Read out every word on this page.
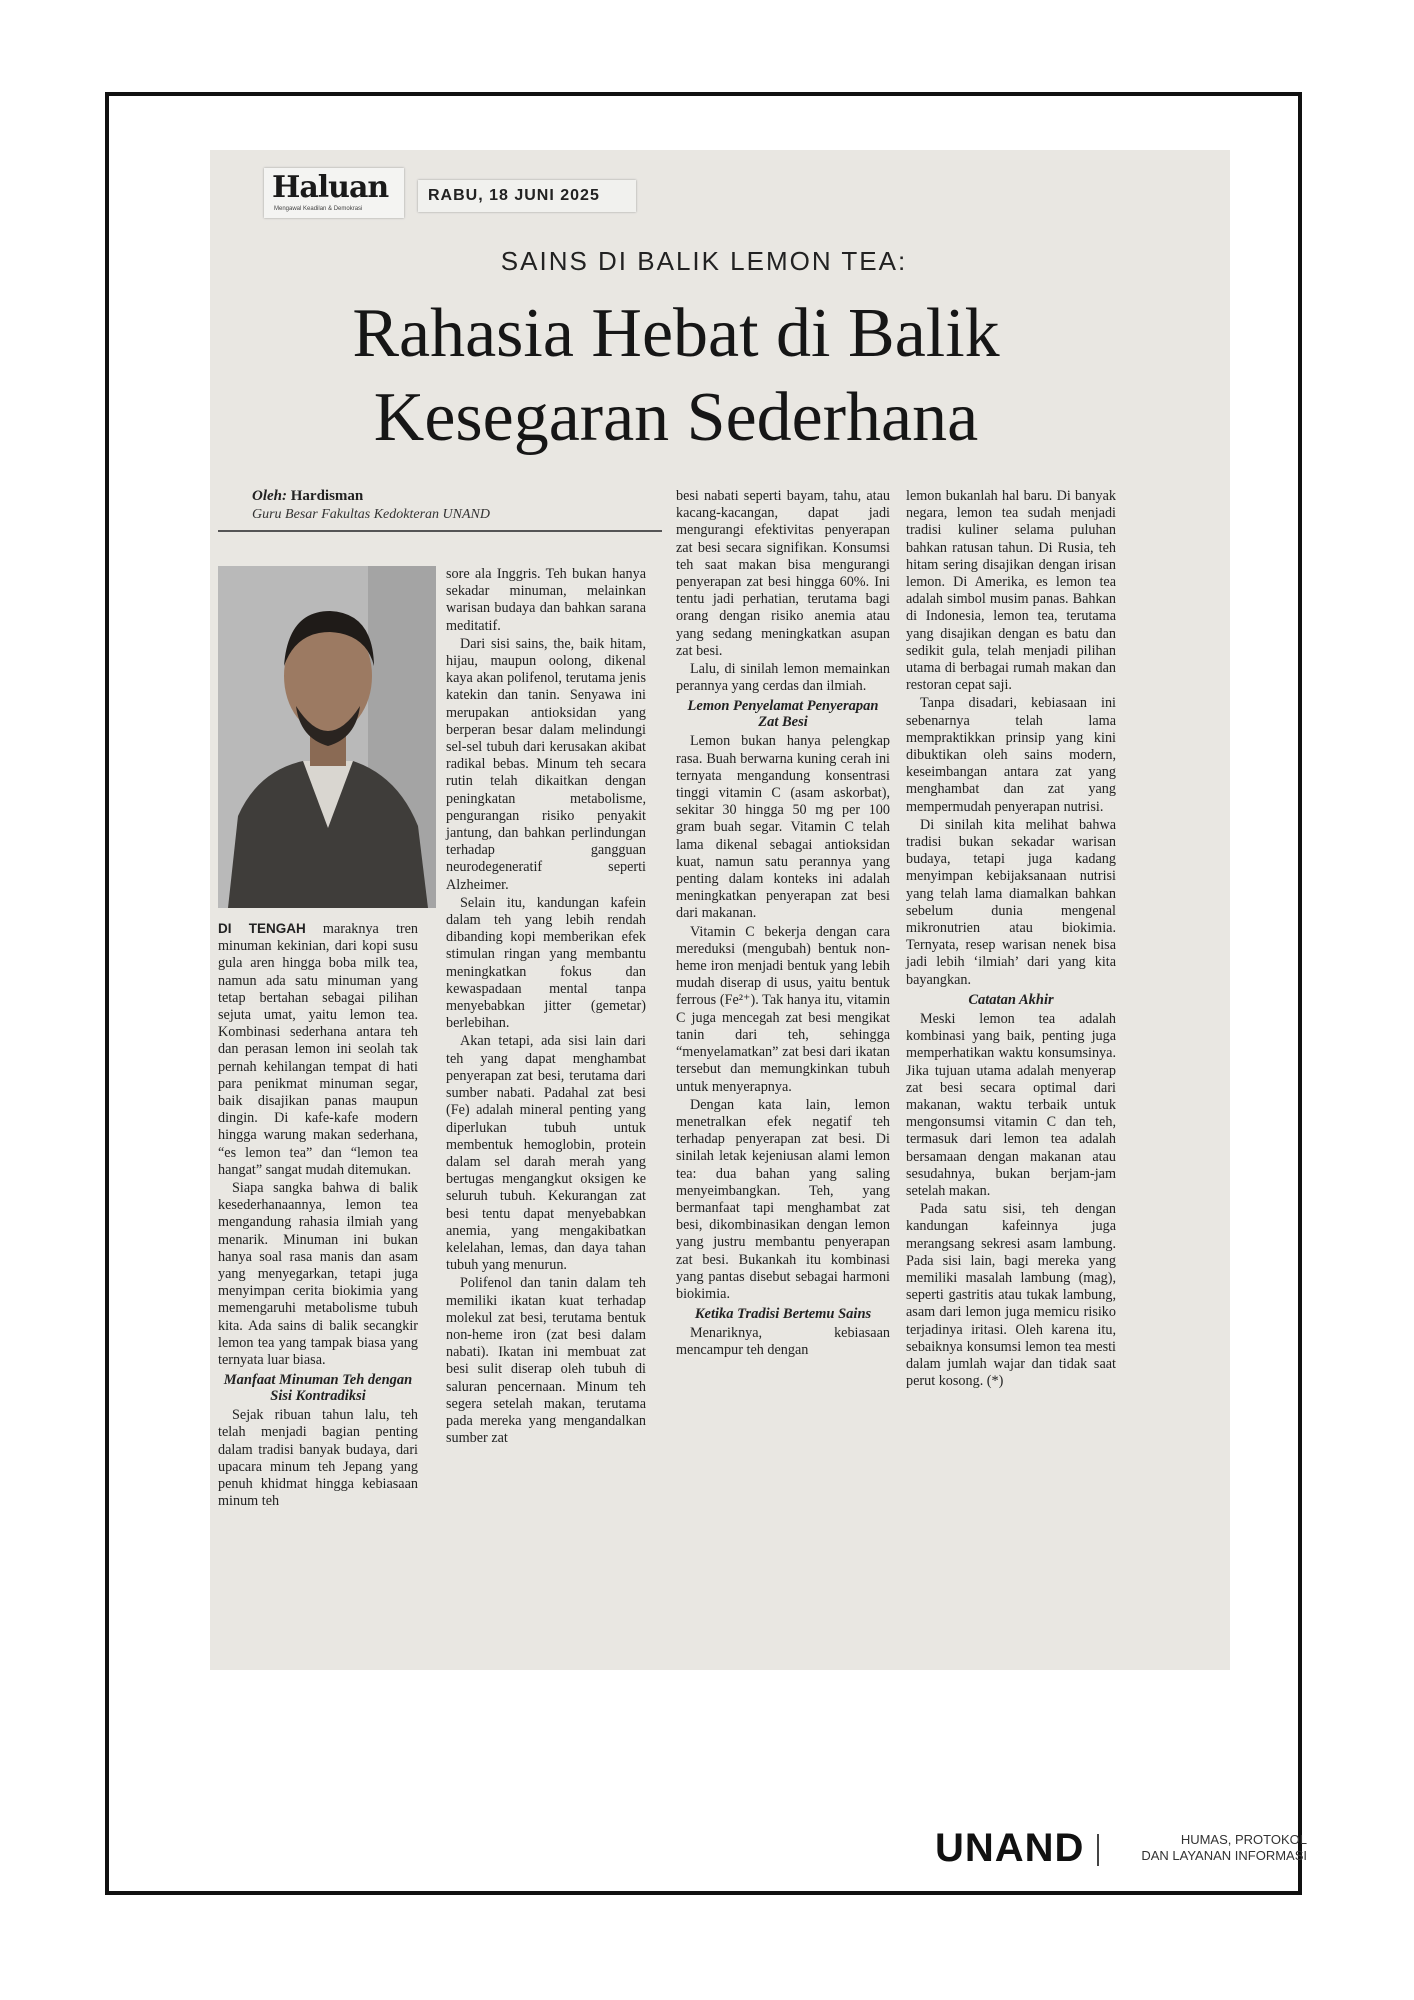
Haluan
Mengawal Keadilan & Demokrasi
RABU, 18 JUNI 2025
SAINS DI BALIK LEMON TEA:
Rahasia Hebat di Balik
Kesegaran Sederhana
Oleh: Hardisman
Guru Besar Fakultas Kedokteran UNAND

DI TENGAH maraknya tren minuman kekinian, dari kopi susu gula aren hingga boba milk tea, namun ada satu minuman yang tetap bertahan sebagai pilihan sejuta umat, yaitu lemon tea. Kombinasi sederhana antara teh dan perasan lemon ini seolah tak pernah kehilangan tempat di hati para penikmat minuman segar, baik disajikan panas maupun dingin. Di kafe-kafe modern hingga warung makan sederhana, “es lemon tea” dan “lemon tea hangat” sangat mudah ditemukan.

Siapa sangka bahwa di balik kesederhanaannya, lemon tea mengandung rahasia ilmiah yang menarik. Minuman ini bukan hanya soal rasa manis dan asam yang menyegarkan, tetapi juga menyimpan cerita biokimia yang memengaruhi metabolisme tubuh kita. Ada sains di balik secangkir lemon tea yang tampak biasa yang ternyata luar biasa.

Manfaat Minuman Teh dengan Sisi Kontradiksi

Sejak ribuan tahun lalu, teh telah menjadi bagian penting dalam tradisi banyak budaya, dari upacara minum teh Jepang yang penuh khidmat hingga kebiasaan minum teh

sore ala Inggris. Teh bukan hanya sekadar minuman, melainkan warisan budaya dan bahkan sarana meditatif.

Dari sisi sains, the, baik hitam, hijau, maupun oolong, dikenal kaya akan polifenol, terutama jenis katekin dan tanin. Senyawa ini merupakan antioksidan yang berperan besar dalam melindungi sel-sel tubuh dari kerusakan akibat radikal bebas. Minum teh secara rutin telah dikaitkan dengan peningkatan metabolisme, pengurangan risiko penyakit jantung, dan bahkan perlindungan terhadap gangguan neurodegeneratif seperti Alzheimer.

Selain itu, kandungan kafein dalam teh yang lebih rendah dibanding kopi memberikan efek stimulan ringan yang membantu meningkatkan fokus dan kewaspadaan mental tanpa menyebabkan jitter (gemetar) berlebihan.

Akan tetapi, ada sisi lain dari teh yang dapat menghambat penyerapan zat besi, terutama dari sumber nabati. Padahal zat besi (Fe) adalah mineral penting yang diperlukan tubuh untuk membentuk hemoglobin, protein dalam sel darah merah yang bertugas mengangkut oksigen ke seluruh tubuh. Kekurangan zat besi tentu dapat menyebabkan anemia, yang mengakibatkan kelelahan, lemas, dan daya tahan tubuh yang menurun.

Polifenol dan tanin dalam teh memiliki ikatan kuat terhadap molekul zat besi, terutama bentuk non-heme iron (zat besi dalam nabati). Ikatan ini membuat zat besi sulit diserap oleh tubuh di saluran pencernaan. Minum teh segera setelah makan, terutama pada mereka yang mengandalkan sumber zat

besi nabati seperti bayam, tahu, atau kacang-kacangan, dapat jadi mengurangi efektivitas penyerapan zat besi secara signifikan. Konsumsi teh saat makan bisa mengurangi penyerapan zat besi hingga 60%. Ini tentu jadi perhatian, terutama bagi orang dengan risiko anemia atau yang sedang meningkatkan asupan zat besi.

Lalu, di sinilah lemon memainkan perannya yang cerdas dan ilmiah.

Lemon Penyelamat Penyerapan Zat Besi

Lemon bukan hanya pelengkap rasa. Buah berwarna kuning cerah ini ternyata mengandung konsentrasi tinggi vitamin C (asam askorbat), sekitar 30 hingga 50 mg per 100 gram buah segar. Vitamin C telah lama dikenal sebagai antioksidan kuat, namun satu perannya yang penting dalam konteks ini adalah meningkatkan penyerapan zat besi dari makanan.

Vitamin C bekerja dengan cara mereduksi (mengubah) bentuk non-heme iron menjadi bentuk yang lebih mudah diserap di usus, yaitu bentuk ferrous (Fe²⁺). Tak hanya itu, vitamin C juga mencegah zat besi mengikat tanin dari teh, sehingga “menyelamatkan” zat besi dari ikatan tersebut dan memungkinkan tubuh untuk menyerapnya.

Dengan kata lain, lemon menetralkan efek negatif teh terhadap penyerapan zat besi. Di sinilah letak kejeniusan alami lemon tea: dua bahan yang saling menyeimbangkan. Teh, yang bermanfaat tapi menghambat zat besi, dikombinasikan dengan lemon yang justru membantu penyerapan zat besi. Bukankah itu kombinasi yang pantas disebut sebagai harmoni biokimia.

Ketika Tradisi Bertemu Sains

Menariknya, kebiasaan mencampur teh dengan

lemon bukanlah hal baru. Di banyak negara, lemon tea sudah menjadi tradisi kuliner selama puluhan bahkan ratusan tahun. Di Rusia, teh hitam sering disajikan dengan irisan lemon. Di Amerika, es lemon tea adalah simbol musim panas. Bahkan di Indonesia, lemon tea, terutama yang disajikan dengan es batu dan sedikit gula, telah menjadi pilihan utama di berbagai rumah makan dan restoran cepat saji.

Tanpa disadari, kebiasaan ini sebenarnya telah lama mempraktikkan prinsip yang kini dibuktikan oleh sains modern, keseimbangan antara zat yang menghambat dan zat yang mempermudah penyerapan nutrisi.

Di sinilah kita melihat bahwa tradisi bukan sekadar warisan budaya, tetapi juga kadang menyimpan kebijaksanaan nutrisi yang telah lama diamalkan bahkan sebelum dunia mengenal mikronutrien atau biokimia. Ternyata, resep warisan nenek bisa jadi lebih ‘ilmiah’ dari yang kita bayangkan.

Catatan Akhir

Meski lemon tea adalah kombinasi yang baik, penting juga memperhatikan waktu konsumsinya. Jika tujuan utama adalah menyerap zat besi secara optimal dari makanan, waktu terbaik untuk mengonsumsi vitamin C dan teh, termasuk dari lemon tea adalah bersamaan dengan makanan atau sesudahnya, bukan berjam-jam setelah makan.

Pada satu sisi, teh dengan kandungan kafeinnya juga merangsang sekresi asam lambung. Pada sisi lain, bagi mereka yang memiliki masalah lambung (mag), seperti gastritis atau tukak lambung, asam dari lemon juga memicu risiko terjadinya iritasi. Oleh karena itu, sebaiknya konsumsi lemon tea mesti dalam jumlah wajar dan tidak saat perut kosong. (*)

UNAND	HUMAS, PROTOKOL
DAN LAYANAN INFORMASI
